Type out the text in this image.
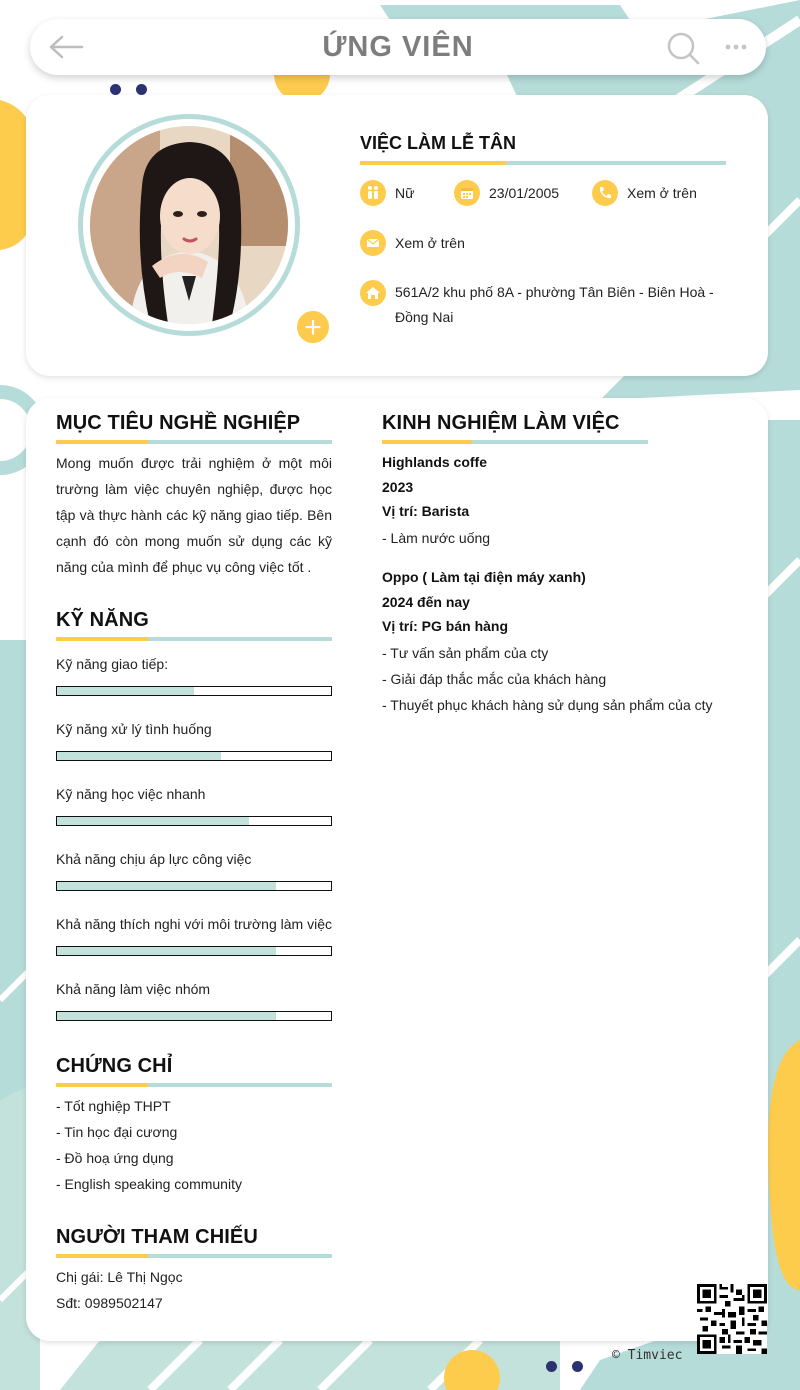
ỨNG VIÊN
+
VIỆC LÀM LỄ TÂN
Nữ	23/01/2005	Xem ở trên
Xem ở trên
561A/2 khu phố 8A - phường Tân Biên - Biên Hoà - Đồng Nai
MỤC TIÊU NGHỀ NGHIỆP
Mong muốn được trải nghiệm ở một môi trường làm việc chuyên nghiệp, được học tập và thực hành các kỹ năng giao tiếp. Bên cạnh đó còn mong muốn sử dụng các kỹ năng của mình để phục vụ công việc tốt .
KỸ NĂNG
Kỹ năng giao tiếp:
Kỹ năng xử lý tình huống
Kỹ năng học việc nhanh
Khả năng chịu áp lực công việc
Khả năng thích nghi với môi trường làm việc
Khả năng làm việc nhóm
CHỨNG CHỈ
- Tốt nghiệp THPT
- Tin học đại cương
- Đồ hoạ ứng dụng
- English speaking community
NGƯỜI THAM CHIẾU
Chị gái: Lê Thị Ngọc
Sđt: 0989502147
KINH NGHIỆM LÀM VIỆC
Highlands coffe
2023
Vị trí: Barista
- Làm nước uống
Oppo ( Làm tại điện máy xanh)
2024 đến nay
Vị trí: PG bán hàng
- Tư vấn sản phẩm của cty
- Giải đáp thắc mắc của khách hàng
- Thuyết phục khách hàng sử dụng sản phẩm của cty
© Timviec
